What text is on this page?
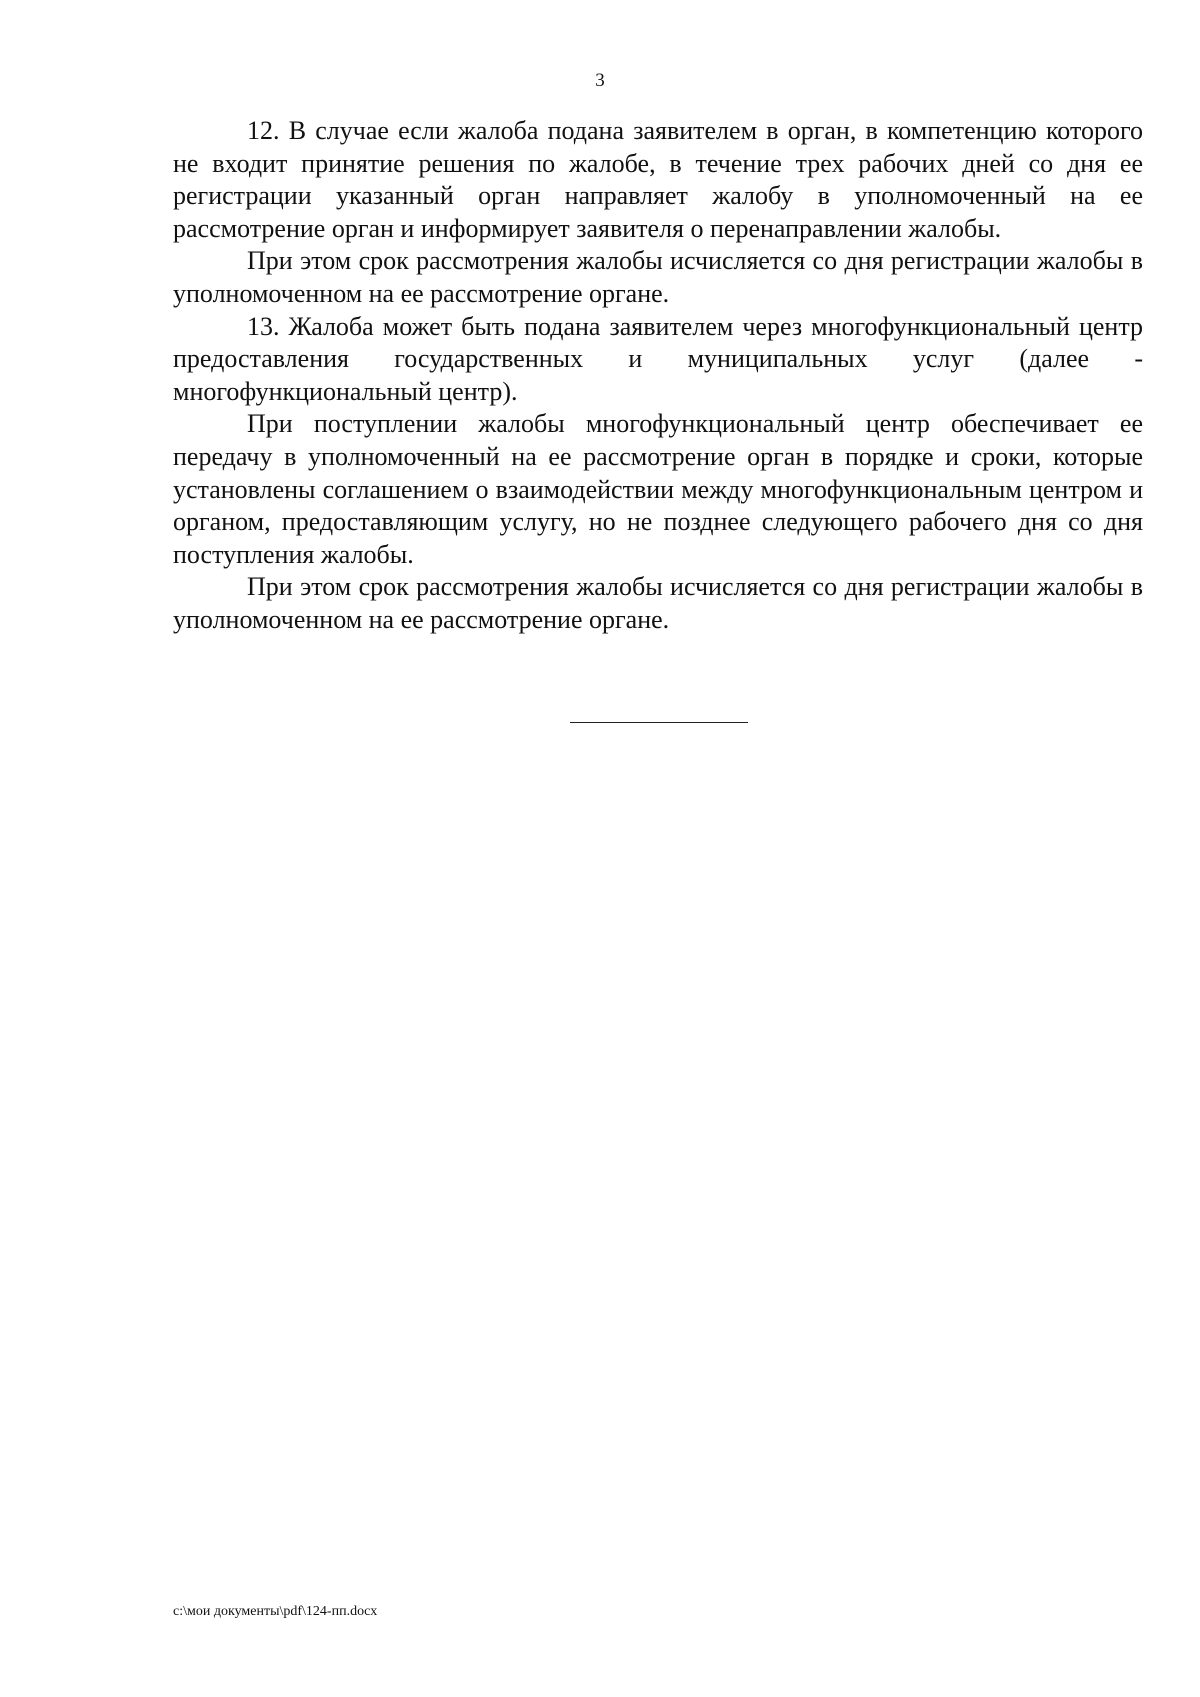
3

12. В случае если жалоба подана заявителем в орган, в компетенцию которого не входит принятие решения по жалобе, в течение трех рабочих дней со дня ее регистрации указанный орган направляет жалобу в уполномоченный на ее рассмотрение орган и информирует заявителя о перенаправлении жалобы.

При этом срок рассмотрения жалобы исчисляется со дня регистрации жалобы в уполномоченном на ее рассмотрение органе.

13. Жалоба может быть подана заявителем через многофункциональный центр предоставления государственных и муниципальных услуг (далее - многофункциональный центр).

При поступлении жалобы многофункциональный центр обеспечивает ее передачу в уполномоченный на ее рассмотрение орган в порядке и сроки, которые установлены соглашением о взаимодействии между многофункциональным центром и органом, предоставляющим услугу, но не позднее следующего рабочего дня со дня поступления жалобы.

При этом срок рассмотрения жалобы исчисляется со дня регистрации жалобы в уполномоченном на ее рассмотрение органе.

c:\мои документы\pdf\124-пп.docx
